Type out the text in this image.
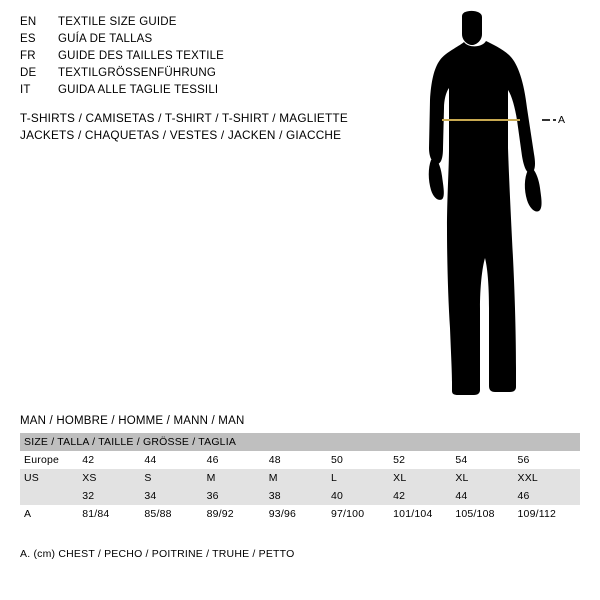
EN	TEXTILE SIZE GUIDE
ES	GUÍA DE TALLAS
FR	GUIDE DES TAILLES TEXTILE
DE	TEXTILGRÖSSENFÜHRUNG
IT	GUIDA ALLE TAGLIE TESSILI
T-SHIRTS / CAMISETAS / T-SHIRT / T-SHIRT / MAGLIETTE
JACKETS / CHAQUETAS / VESTES / JACKEN / GIACCHE
A
MAN / HOMBRE / HOMME / MANN / MAN
SIZE / TALLA / TAILLE / GRÖSSE / TAGLIA								
Europe	42	44	46	48	50	52	54	56
US	XS	S	M	M	L	XL	XL	XXL
	32	34	36	38	40	42	44	46
A	81/84	85/88	89/92	93/96	97/100	101/104	105/108	109/112
A. (cm) CHEST / PECHO / POITRINE / TRUHE / PETTO
